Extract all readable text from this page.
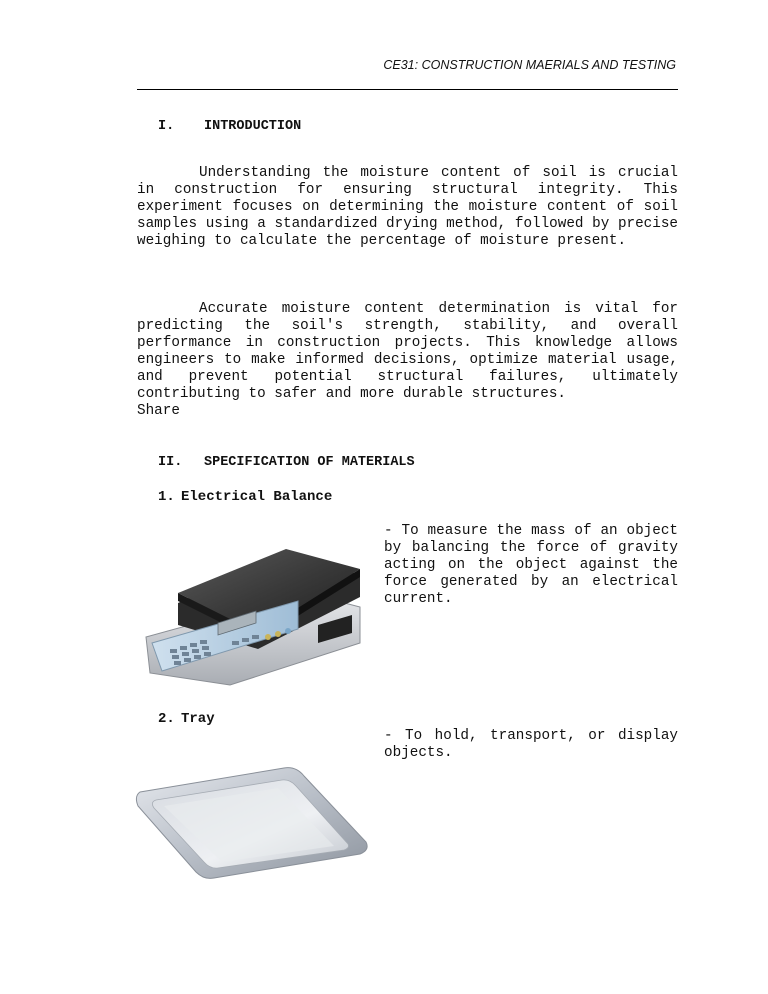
CE31: CONSTRUCTION MAERIALS AND TESTING
I. INTRODUCTION

Understanding the moisture content of soil is crucial in construction for ensuring structural integrity. This experiment focuses on determining the moisture content of soil samples using a standardized drying method, followed by precise weighing to calculate the percentage of moisture present.

Accurate moisture content determination is vital for predicting the soil's strength, stability, and overall performance in construction projects. This knowledge allows engineers to make informed decisions, optimize material usage, and prevent potential structural failures, ultimately contributing to safer and more durable structures.

Share
II. SPECIFICATION OF MATERIALS
1. Electrical Balance

- To measure the mass of an object by balancing the force of gravity acting on the object against the force generated by an electrical current.

2. Tray

- To hold, transport, or display objects.
